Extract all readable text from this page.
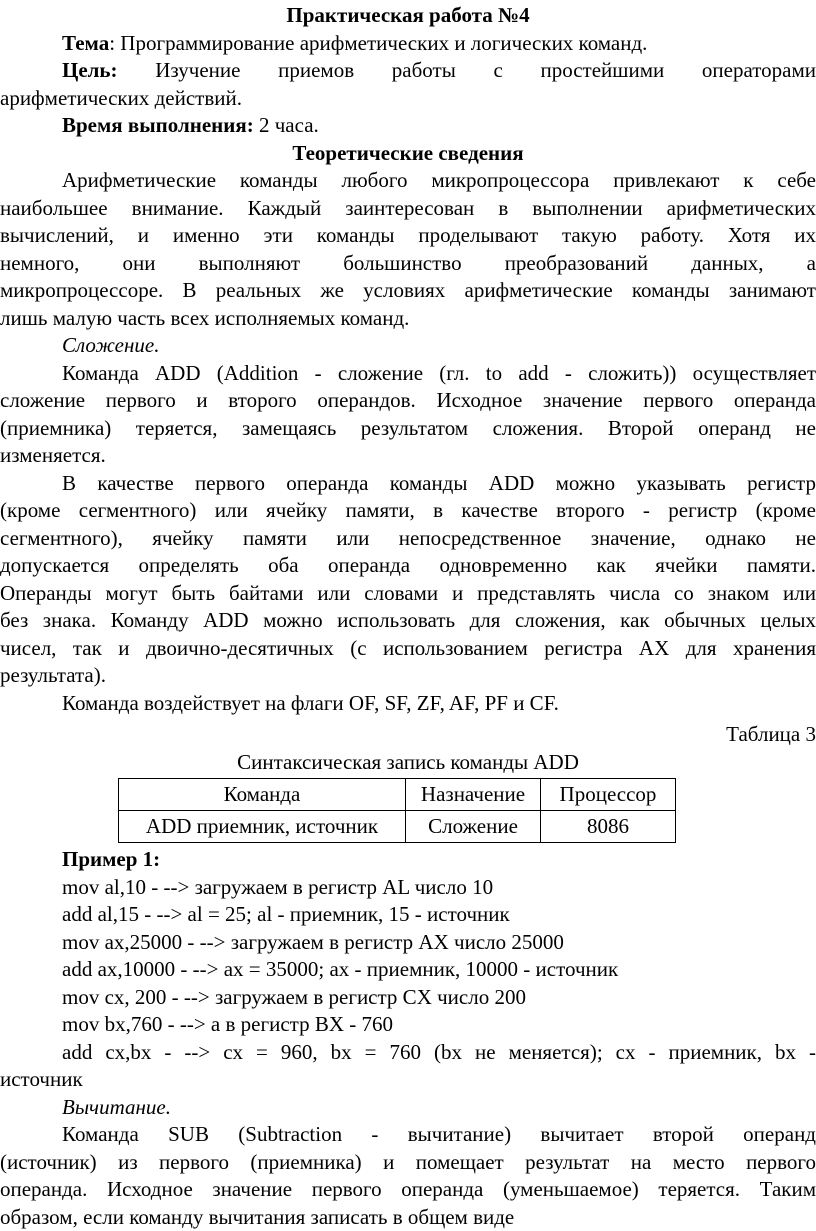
Практическая работа №4

Тема: Программирование арифметических и логических команд.

Цель: Изучение приемов работы с простейшими операторами

арифметических действий.

Время выполнения: 2 часа.

Теоретические сведения

Арифметические команды любого микропроцессора привлекают к себе

наибольшее внимание. Каждый заинтересован в выполнении арифметических

вычислений, и именно эти команды проделывают такую работу. Хотя их

немного, они выполняют большинство преобразований данных, а

микропроцессоре. В реальных же условиях арифметические команды занимают

лишь малую часть всех исполняемых команд.

Сложение.

Команда ADD (Addition - сложение (гл. to add - сложить)) осуществляет

сложение первого и второго операндов. Исходное значение первого операнда

(приемника) теряется, замещаясь результатом сложения. Второй операнд не

изменяется.

В качестве первого операнда команды ADD можно указывать регистр

(кроме сегментного) или ячейку памяти, в качестве второго - регистр (кроме

сегментного), ячейку памяти или непосредственное значение, однако не

допускается определять оба операнда одновременно как ячейки памяти.

Операнды могут быть байтами или словами и представлять числа со знаком или

без знака. Команду ADD можно использовать для сложения, как обычных целых

чисел, так и двоично-десятичных (с использованием регистра AX для хранения

результата).

Команда воздействует на флаги OF, SF, ZF, AF, PF и CF.

Таблица 3

Синтаксическая запись команды ADD

Команда	Назначение	Процессор
ADD приемник, источник	Сложение	8086

Пример 1:

mov al,10 - --> загружаем в регистр AL число 10

add al,15 - --> al = 25; al - приемник, 15 - источник

mov ax,25000 - --> загружаем в регистр AX число 25000

add ax,10000 - --> ax = 35000; ax - приемник, 10000 - источник

mov cx, 200 - --> загружаем в регистр CX число 200

mov bx,760 - --> а в регистр BX - 760

add cx,bx - --> cx = 960, bx = 760 (bx не меняется); cx - приемник, bx -

источник

Вычитание.

Команда SUB (Subtraction - вычитание) вычитает второй операнд

(источник) из первого (приемника) и помещает результат на место первого

операнда. Исходное значение первого операнда (уменьшаемое) теряется. Таким

образом, если команду вычитания записать в общем виде
